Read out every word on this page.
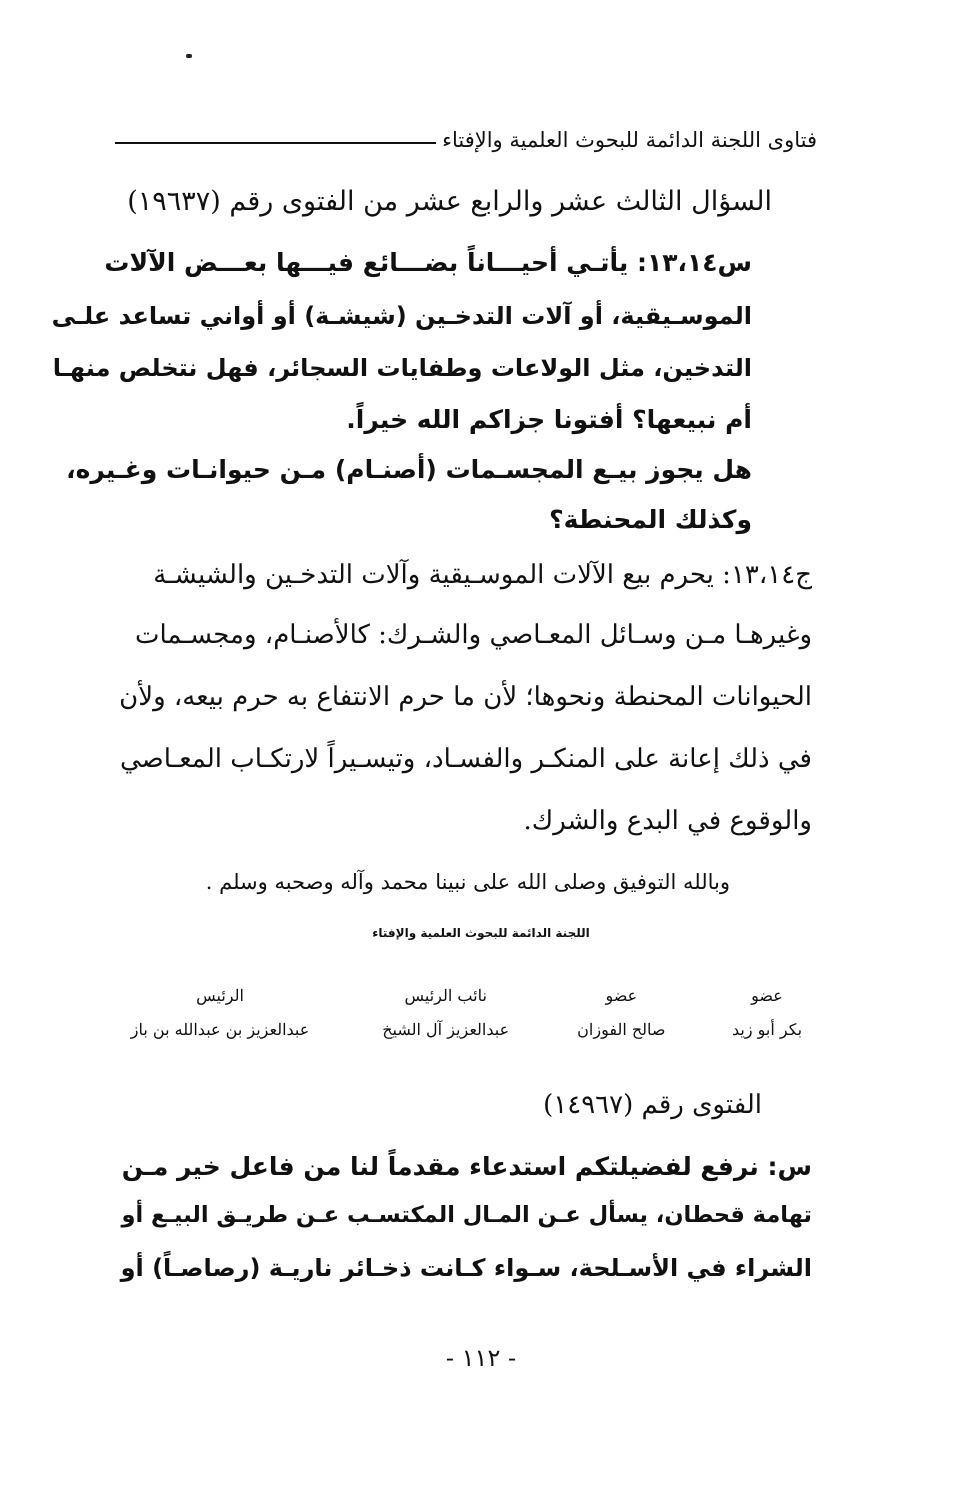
فتاوى اللجنة الدائمة للبحوث العلمية والإفتاء
السؤال الثالث عشر والرابع عشر من الفتوى رقم (١٩٦٣٧)
س١٣،١٤: يأتـي أحيـــاناً بضـــائع فيـــها بعـــض الآلات
الموسـيقية، أو آلات التدخـين (شيشـة) أو أواني تساعد علـى
التدخين، مثل الولاعات وطفايات السجائر، فهل نتخلص منهـا
أم نبيعها؟ أفتونا جزاكم الله خيراً.
هل يجوز بيـع المجسـمات (أصنـام) مـن حيوانـات وغـيره،
وكذلك المحنطة؟
ج١٣،١٤: يحرم بيع الآلات الموسـيقية وآلات التدخـين والشيشـة
وغيرهـا مـن وسـائل المعـاصي والشـرك: كالأصنـام، ومجسـمات
الحيوانات المحنطة ونحوها؛ لأن ما حرم الانتفاع به حرم بيعه، ولأن
في ذلك إعانة على المنكـر والفسـاد، وتيسـيراً لارتكـاب المعـاصي
والوقوع في البدع والشرك.
وبالله التوفيق وصلى الله على نبينا محمد وآله وصحبه وسلم .
اللجنة الدائمة للبحوث العلمية والإفتاء
عضو
عضو
نائب الرئيس
الرئيس
بكر أبو زيد
صالح الفوزان
عبدالعزيز آل الشيخ
عبدالعزيز بن عبدالله بن باز
الفتوى رقم (١٤٩٦٧)
س: نرفع لفضيلتكم استدعاء مقدماً لنا من فاعل خير مـن
تهامة قحطان، يسأل عـن المـال المكتسـب عـن طريـق البيـع أو
الشراء في الأسـلحة، سـواء كـانت ذخـائر ناريـة (رصاصـاً) أو
- ١١٢ -
